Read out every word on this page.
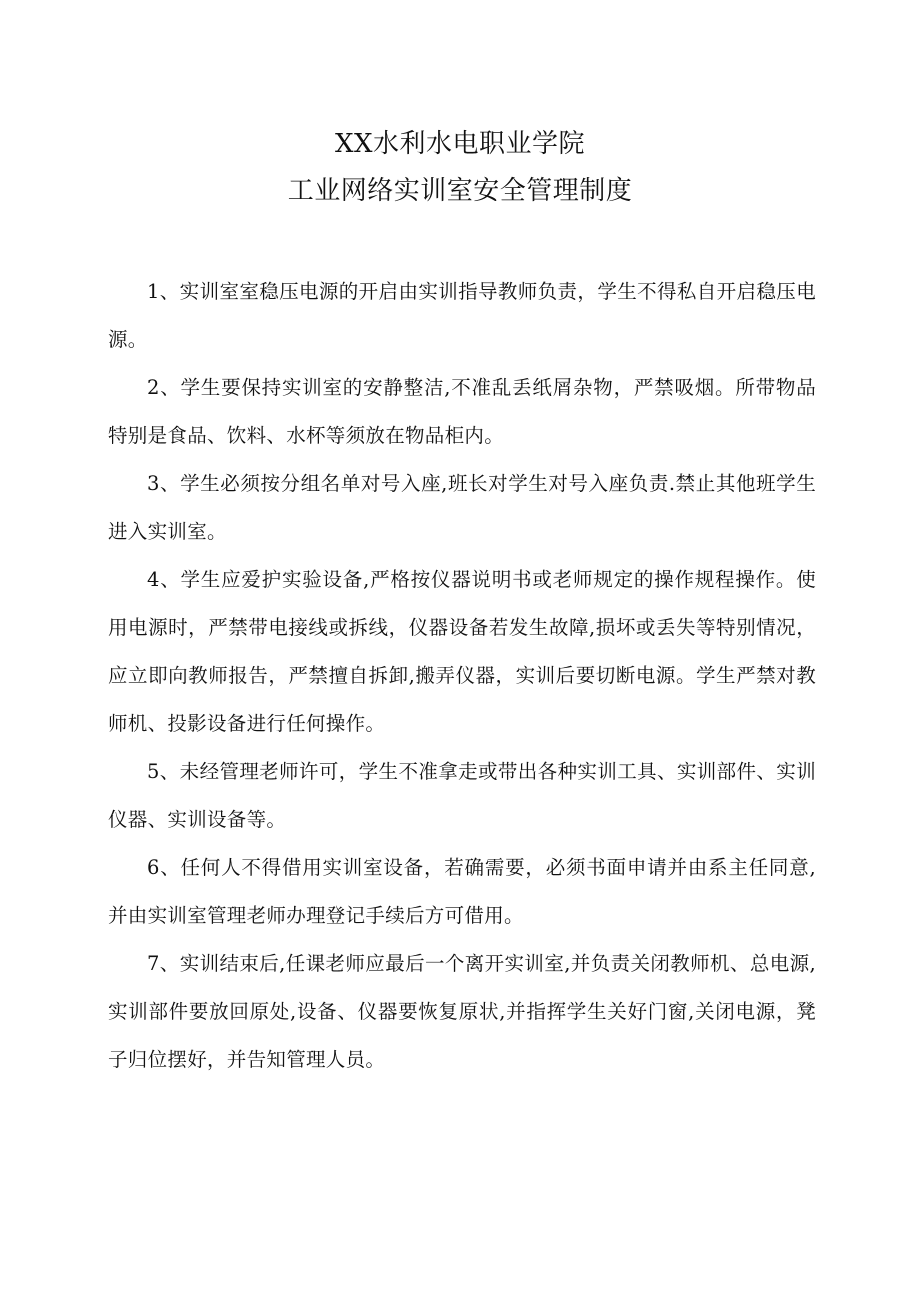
XX水利水电职业学院
工业网络实训室安全管理制度

1、实训室室稳压电源的开启由实训指导教师负责，学生不得私自开启稳压电源。

2、学生要保持实训室的安静整洁,不准乱丢纸屑杂物，严禁吸烟。所带物品特别是食品、饮料、水杯等须放在物品柜内。

3、学生必须按分组名单对号入座,班长对学生对号入座负责.禁止其他班学生进入实训室。

4、学生应爱护实验设备,严格按仪器说明书或老师规定的操作规程操作。使用电源时，严禁带电接线或拆线，仪器设备若发生故障,损坏或丢失等特别情况，应立即向教师报告，严禁擅自拆卸,搬弄仪器，实训后要切断电源。学生严禁对教师机、投影设备进行任何操作。

5、未经管理老师许可，学生不准拿走或带出各种实训工具、实训部件、实训仪器、实训设备等。

6、任何人不得借用实训室设备，若确需要，必须书面申请并由系主任同意,并由实训室管理老师办理登记手续后方可借用。

7、实训结束后,任课老师应最后一个离开实训室,并负责关闭教师机、总电源,实训部件要放回原处,设备、仪器要恢复原状,并指挥学生关好门窗,关闭电源，凳子归位摆好，并告知管理人员。
